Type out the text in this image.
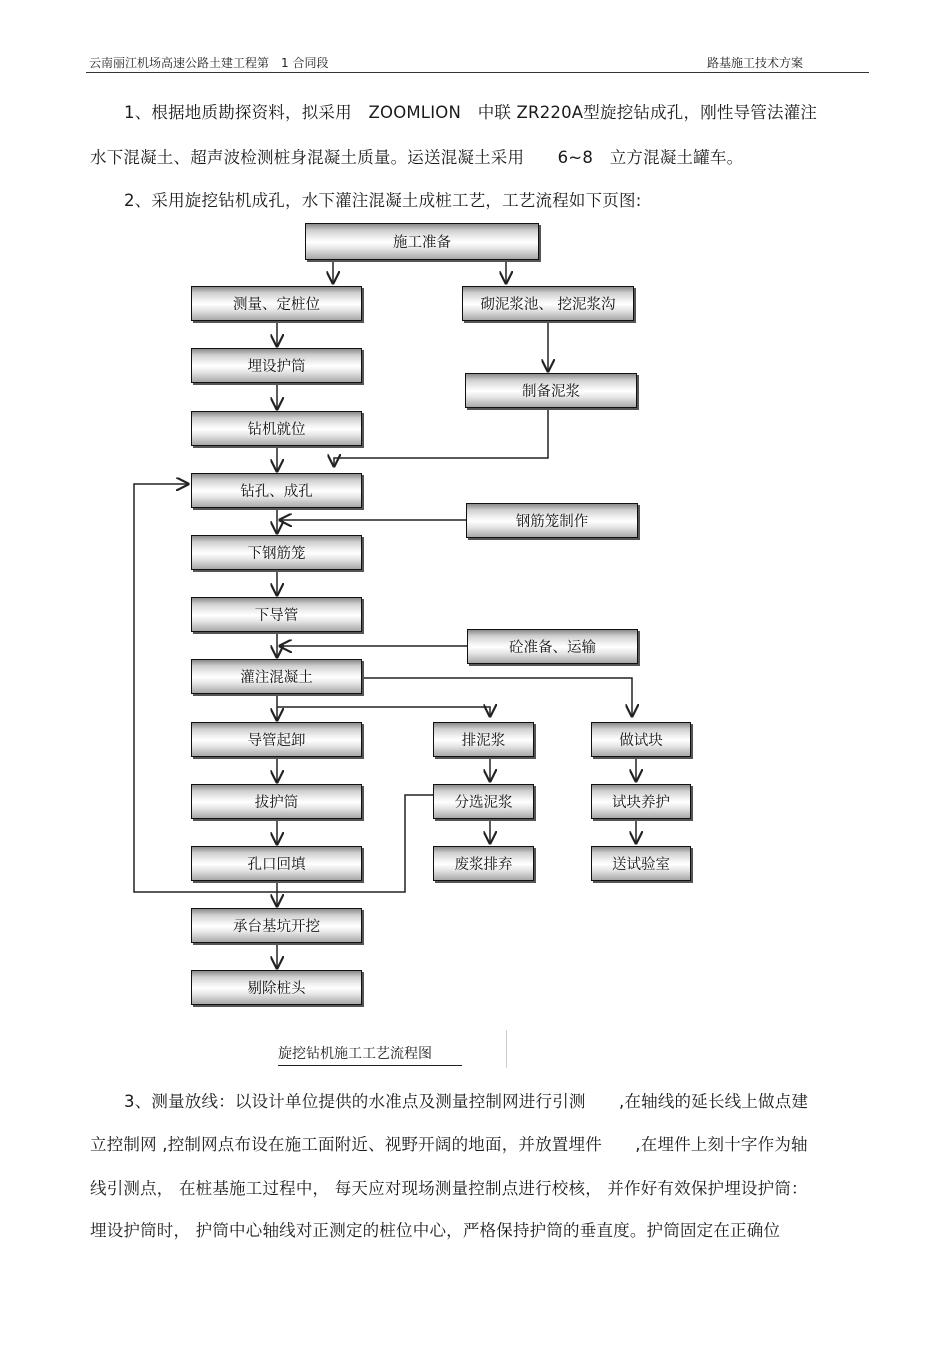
云南丽江机场高速公路土建工程第　1 合同段	路基施工技术方案
1、根据地质勘探资料，拟采用　ZOOMLION　中联 ZR220A型旋挖钻成孔，刚性导管法灌注
水下混凝土、超声波检测桩身混凝土质量。运送混凝土采用　　6~8　立方混凝土罐车。
2、采用旋挖钻机成孔，水下灌注混凝土成桩工艺，工艺流程如下页图:
施工准备
测量、定桩位	砌泥浆池、 挖泥浆沟
埋设护筒
制备泥浆
钻机就位
钻孔、成孔
钢筋笼制作
下钢筋笼
下导管
砼准备、运输
灌注混凝土
导管起卸	排泥浆	做试块
拔护筒	分选泥浆	试块养护
孔口回填	废浆排弃	送试验室
承台基坑开挖
剔除桩头
旋挖钻机施工工艺流程图
3、测量放线：以设计单位提供的水准点及测量控制网进行引测　　,在轴线的延长线上做点建
立控制网 ,控制网点布设在施工面附近、视野开阔的地面，并放置埋件　　,在埋件上刻十字作为轴
线引测点， 在桩基施工过程中， 每天应对现场测量控制点进行校核， 并作好有效保护埋设护筒：
埋设护筒时， 护筒中心轴线对正测定的桩位中心，严格保持护筒的垂直度。护筒固定在正确位
